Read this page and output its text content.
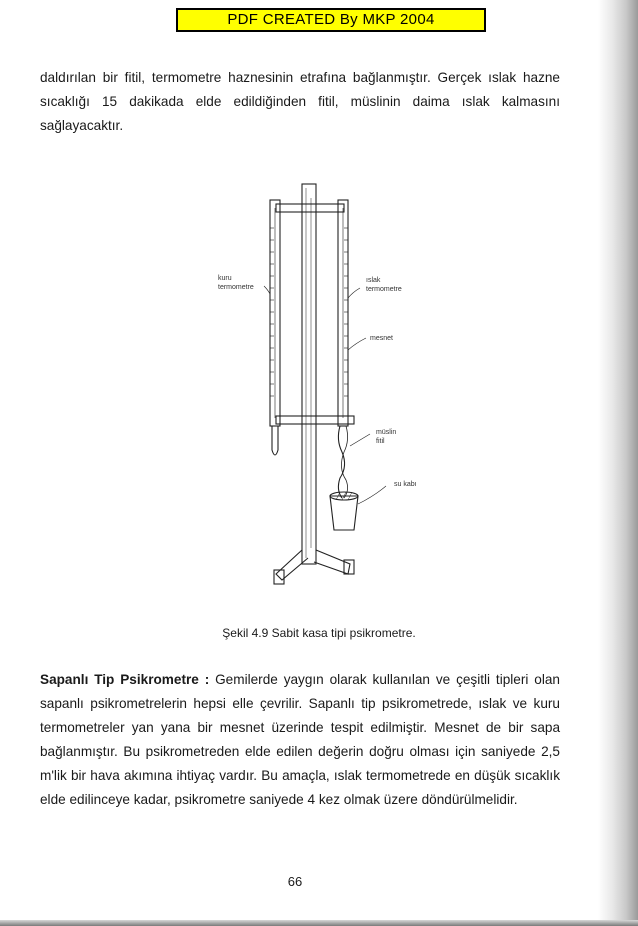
PDF CREATED By MKP 2004
daldırılan bir fitil, termometre haznesinin etrafına bağlanmıştır. Gerçek ıslak hazne sıcaklığı 15 dakikada elde edildiğinden fitil, müslinin daima ıslak kalmasını sağlayacaktır.
kuru
termometre
ıslak
termometre
mesnet
müslin
fitil
su kabı
Şekil 4.9 Sabit kasa tipi psikrometre.
Sapanlı Tip Psikrometre : Gemilerde yaygın olarak kullanılan ve çeşitli tipleri olan sapanlı psikrometrelerin hepsi elle çevrilir. Sapanlı tip psikrometrede, ıslak ve kuru termometreler yan yana bir mesnet üzerinde tespit edilmiştir. Mesnet de bir sapa bağlanmıştır. Bu psikrometreden elde edilen değerin doğru olması için saniyede 2,5 m'lik bir hava akımına ihtiyaç vardır. Bu amaçla, ıslak termometrede en düşük sıcaklık elde edilinceye kadar, psikrometre saniyede 4 kez olmak üzere döndürülmelidir.
66
